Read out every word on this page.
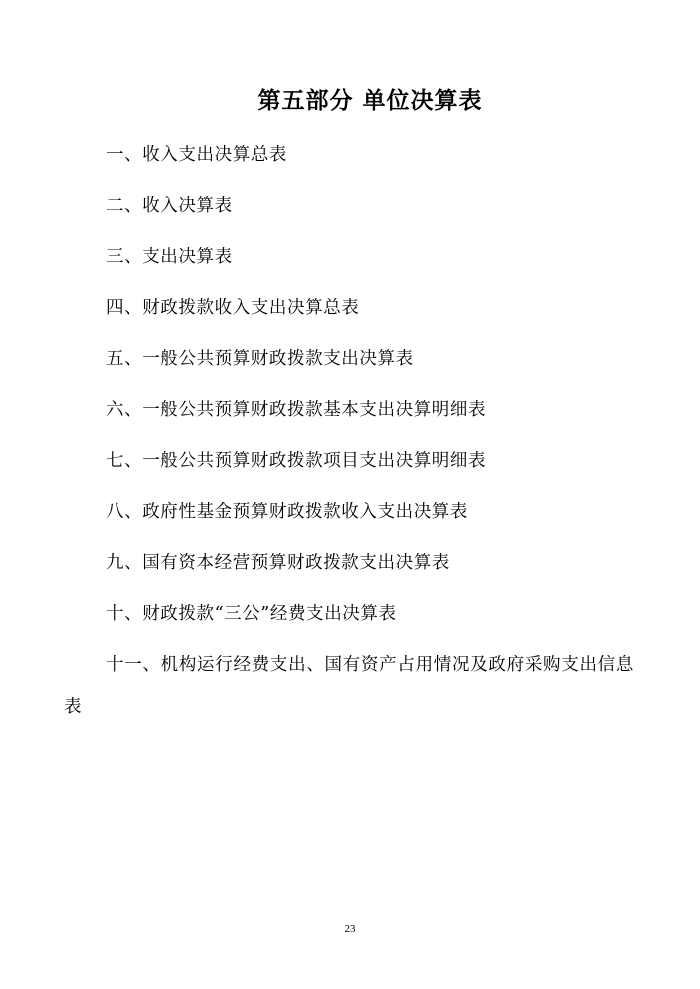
第五部分 单位决算表
一、收入支出决算总表
二、收入决算表
三、支出决算表
四、财政拨款收入支出决算总表
五、一般公共预算财政拨款支出决算表
六、一般公共预算财政拨款基本支出决算明细表
七、一般公共预算财政拨款项目支出决算明细表
八、政府性基金预算财政拨款收入支出决算表
九、国有资本经营预算财政拨款支出决算表
十、财政拨款“三公”经费支出决算表
十一、机构运行经费支出、国有资产占用情况及政府采购支出信息表
23
